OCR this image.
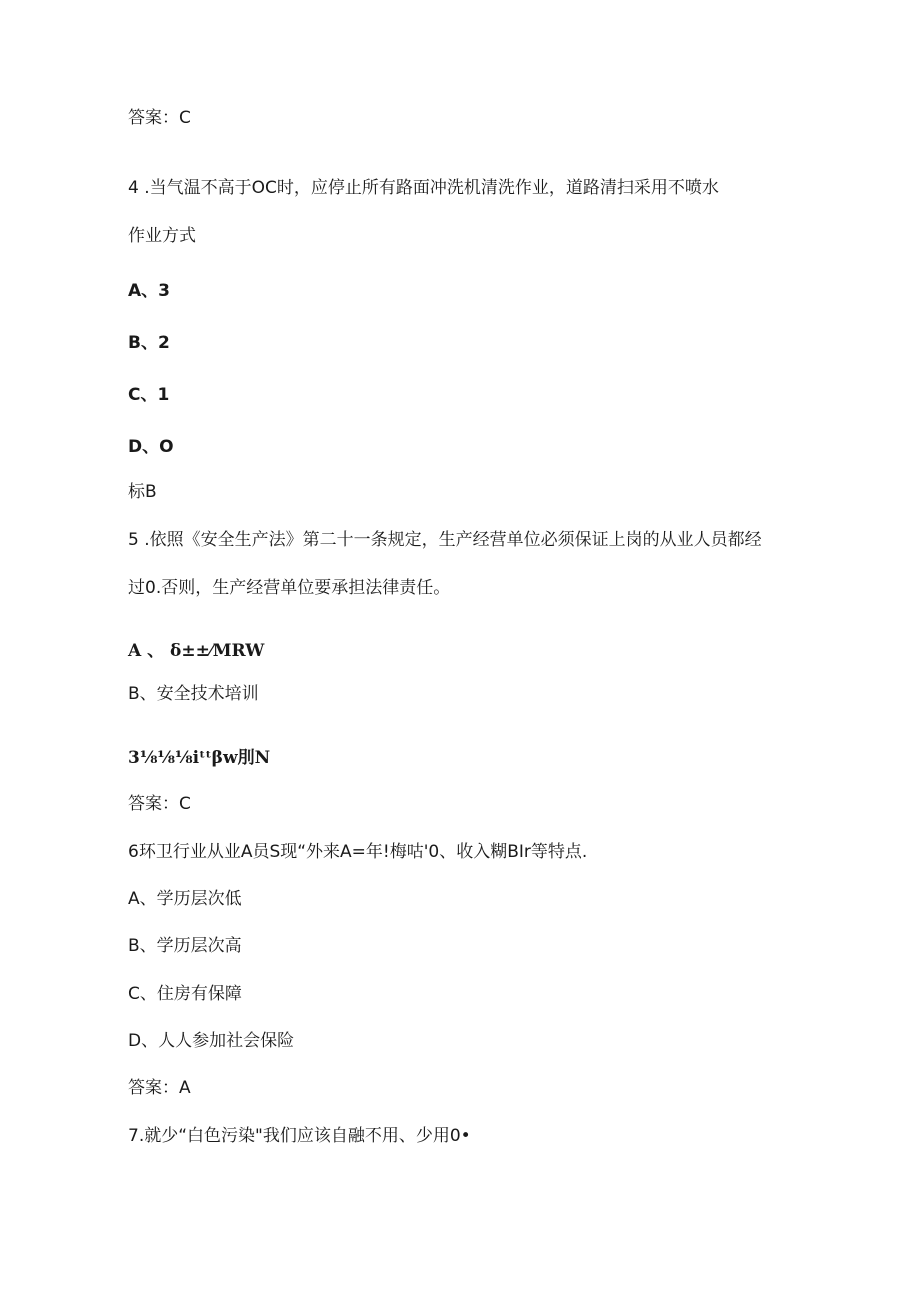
答案：C
4 .当气温不高于OC时，应停止所有路面冲洗机清洗作业，道路清扫采用不喷水
作业方式
A、3
B、2
C、1
D、O
标B
5 .依照《安全生产法》第二十一条规定，生产经营单位必须保证上岗的从业人员都经
过0.否则，生产经营单位要承担法律责任。
A 、 δ±±⁄MRW
B、安全技术培训
3⅛⅛⅛iᵗᵗβw刖N
答案：C
6环卫行业从业A员S现“外来A=年!梅咕'0、收入糊BIr等特点.
A、学历层次低
B、学历层次高
C、住房有保障
D、人人参加社会保险
答案：A
7.就少“白色污染"我们应该自融不用、少用0•
